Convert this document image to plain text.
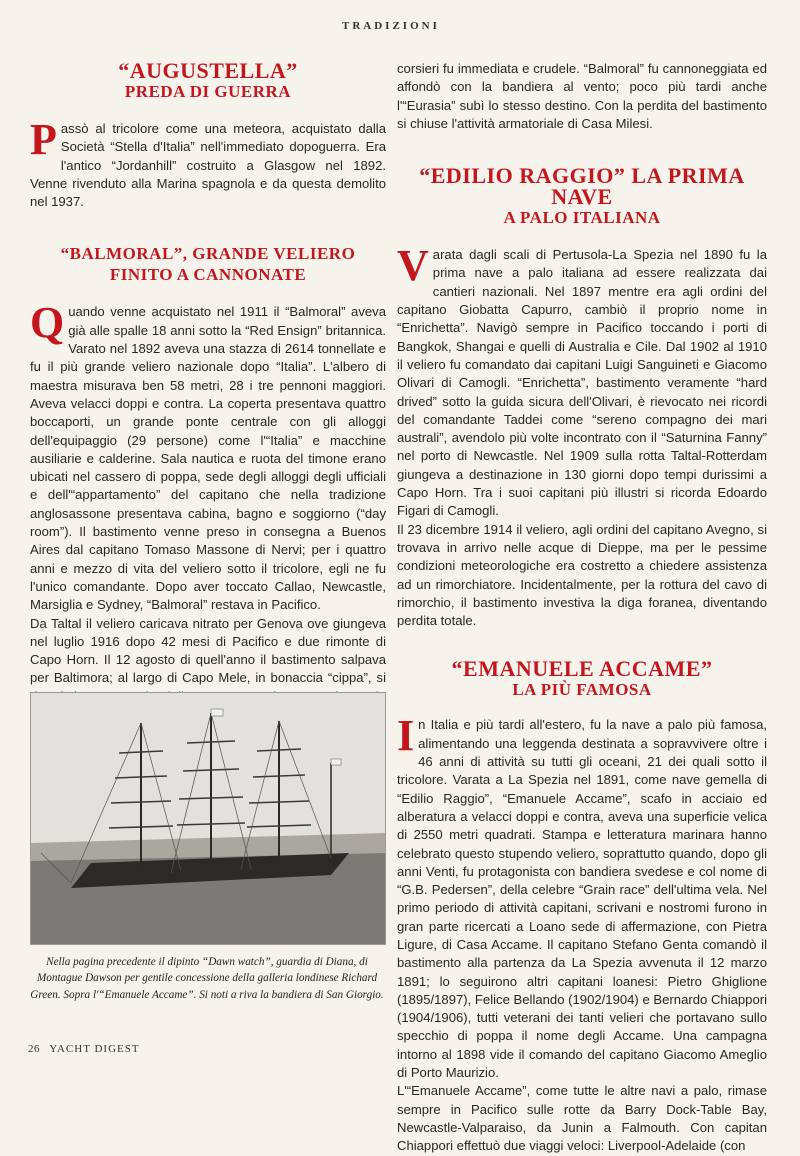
TRADIZIONI
“AUGUSTELLA”
PREDA DI GUERRA
P assò al tricolore come una meteora, acquistato dalla Società “Stella d'Italia” nell'immediato dopoguerra. Era l'antico “Jordanhill” costruito a Glasgow nel 1892. Venne rivenduto alla Marina spagnola e da questa demolito nel 1937.
“BALMORAL”, GRANDE VELIERO
FINITO A CANNONATE

Quando venne acquistato nel 1911 il “Balmoral” aveva già alle spalle 18 anni sotto la “Red Ensign” britannica. Varato nel 1892 aveva una stazza di 2614 tonnellate e fu il più grande veliero nazionale dopo “Italia”. L'albero di maestra misurava ben 58 metri, 28 i tre pennoni maggiori. Aveva velacci doppi e contra. La coperta presentava quattro boccaporti, un grande ponte centrale con gli alloggi dell'equipaggio (29 persone) come l'“Italia” e macchine ausiliarie e calderine. Sala nautica e ruota del timone erano ubicati nel cassero di poppa, sede degli alloggi degli ufficiali e dell'“appartamento” del capitano che nella tradizione anglosassone presentava cabina, bagno e soggiorno (“day room”). Il bastimento venne preso in consegna a Buenos Aires dal capitano Tomaso Massone di Nervi; per i quattro anni e mezzo di vita del veliero sotto il tricolore, egli ne fu l'unico comandante. Dopo aver toccato Callao, Newcastle, Marsiglia e Sydney, “Balmoral” restava in Pacifico.

Da Taltal il veliero caricava nitrato per Genova ove giungeva nel luglio 1916 dopo 42 mesi di Pacifico e due rimonte di Capo Horn. Il 12 agosto di quell'anno il bastimento salpava per Baltimora; al largo di Capo Mele, in bonaccia “cippa”, si

Nella pagina precedente il dipinto “Dawn watch”, guardia di Diana, di Montague Dawson per gentile concessione della galleria londinese Richard Green. Sopra l'“Emanuele Accame”. Si noti a riva la bandiera di San Giorgio.
corsieri fu immediata e crudele. “Balmoral” fu cannoneggiata ed affondò con la bandiera al vento; poco più tardi anche l'“Eurasia” subì lo stesso destino. Con la perdita del bastimento si chiuse l'attività armatoriale di Casa Milesi.
“EDILIO RAGGIO” LA PRIMA NAVE
A PALO ITALIANA

Varata dagli scali di Pertusola-La Spezia nel 1890 fu la prima nave a palo italiana ad essere realizzata dai cantieri nazionali. Nel 1897 mentre era agli ordini del capitano Giobatta Capurro, cambiò il proprio nome in “Enrichetta”. Navigò sempre in Pacifico toccando i porti di Bangkok, Shangai e quelli di Australia e Cile. Dal 1902 al 1910 il veliero fu comandato dai capitani Luigi Sanguineti e Giacomo Olivari di Camogli. “Enrichetta”, bastimento veramente “hard drived” sotto la guida sicura dell'Olivari, è rievocato nei ricordi del comandante Taddei come “sereno compagno dei mari australi”, avendolo più volte incontrato con il “Saturnina Fanny” nel porto di Newcastle. Nel 1909 sulla rotta Taltal-Rotterdam giungeva a destinazione in 130 giorni dopo tempi durissimi a Capo Horn. Tra i suoi capitani più illustri si ricorda Edoardo Figari di Camogli.

Il 23 dicembre 1914 il veliero, agli ordini del capitano Avegno, si trovava in arrivo nelle acque di Dieppe, ma per le pessime condizioni meteorologiche era costretto a chiedere assistenza ad un rimorchiatore. Incidentalmente, per la rottura del cavo di rimorchio, il bastimento investiva la diga foranea, diventando perdita totale.

“EMANUELE ACCAME”
LA PIÙ FAMOSA

In Italia e più tardi all'estero, fu la nave a palo più famosa, alimentando una leggenda destinata a sopravvivere oltre i 46 anni di attività su tutti gli oceani, 21 dei quali sotto il tricolore. Varata a La Spezia nel 1891, come nave gemella di “Edilio Raggio”, “Emanuele Accame”, scafo in acciaio ed alberatura a velacci doppi e contra, aveva una superficie velica di 2550 metri quadrati. Stampa e letteratura marinara hanno celebrato questo stupendo veliero, soprattutto quando, dopo gli anni Venti, fu protagonista con bandiera svedese e col nome di “G.B. Pedersen”, della celebre “Grain race” dell'ultima vela. Nel primo periodo di attività capitani, scrivani e nostromi furono in gran parte ricercati a Loano sede di affermazione, con Pietra Ligure, di Casa Accame. Il capitano Stefano Genta comandò il bastimento alla partenza da La Spezia avvenuta il 12 marzo 1891; lo seguirono altri capitani loanesi: Pietro Ghiglione (1895/1897), Felice Bellando (1902/1904) e Bernardo Chiappori (1904/1906), tutti veterani dei tanti velieri che portavano sullo specchio di poppa il nome degli Accame. Una campagna intorno al 1898 vide il comando del capitano Giacomo Ameglio di Porto Maurizio.

L'“Emanuele Accame”, come tutte le altre navi a palo, rimase sempre in Pacifico sulle rotte da Barry Dock-Table Bay, Newcastle-Valparaiso, da Junin a Falmouth. Con capitan Chiappori effettuò due viaggi veloci: Liverpool-Adelaide (con

26 YACHT DIGEST
